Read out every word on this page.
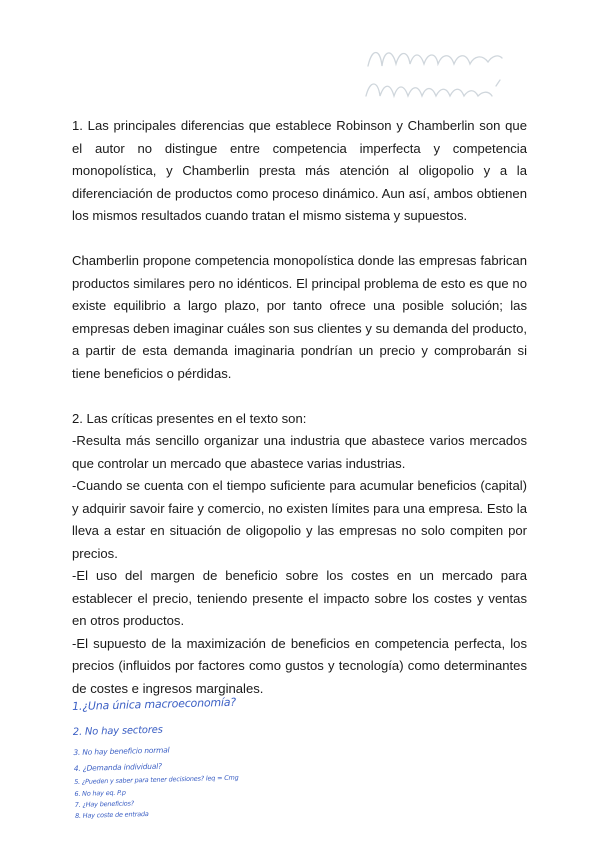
1. Las principales diferencias que establece Robinson y Chamberlin son que el autor no distingue entre competencia imperfecta y competencia monopolística, y Chamberlin presta más atención al oligopolio y a la diferenciación de productos como proceso dinámico. Aun así, ambos obtienen los mismos resultados cuando tratan el mismo sistema y supuestos.

Chamberlin propone competencia monopolística donde las empresas fabrican productos similares pero no idénticos. El principal problema de esto es que no existe equilibrio a largo plazo, por tanto ofrece una posible solución; las empresas deben imaginar cuáles son sus clientes y su demanda del producto, a partir de esta demanda imaginaria pondrían un precio y comprobarán si tiene beneficios o pérdidas.

2. Las críticas presentes en el texto son:

-Resulta más sencillo organizar una industria que abastece varios mercados que controlar un mercado que abastece varias industrias.

-Cuando se cuenta con el tiempo suficiente para acumular beneficios (capital) y adquirir savoir faire y comercio, no existen límites para una empresa. Esto la lleva a estar en situación de oligopolio y las empresas no solo compiten por precios.

-El uso del margen de beneficio sobre los costes en un mercado para establecer el precio, teniendo presente el impacto sobre los costes y ventas en otros productos.

-El supuesto de la maximización de beneficios en competencia perfecta, los precios (influidos por factores como gustos y tecnología) como determinantes de costes e ingresos marginales.

1.¿Una única macroeconomía?
2. No hay sectores
3. No hay beneficio normal
4. ¿Demanda individual?
5. ¿Pueden y saber para tener decisiones? leq = Cmg
6. No hay eq. P.p
7. ¿Hay beneficios?
8. Hay coste de entrada
